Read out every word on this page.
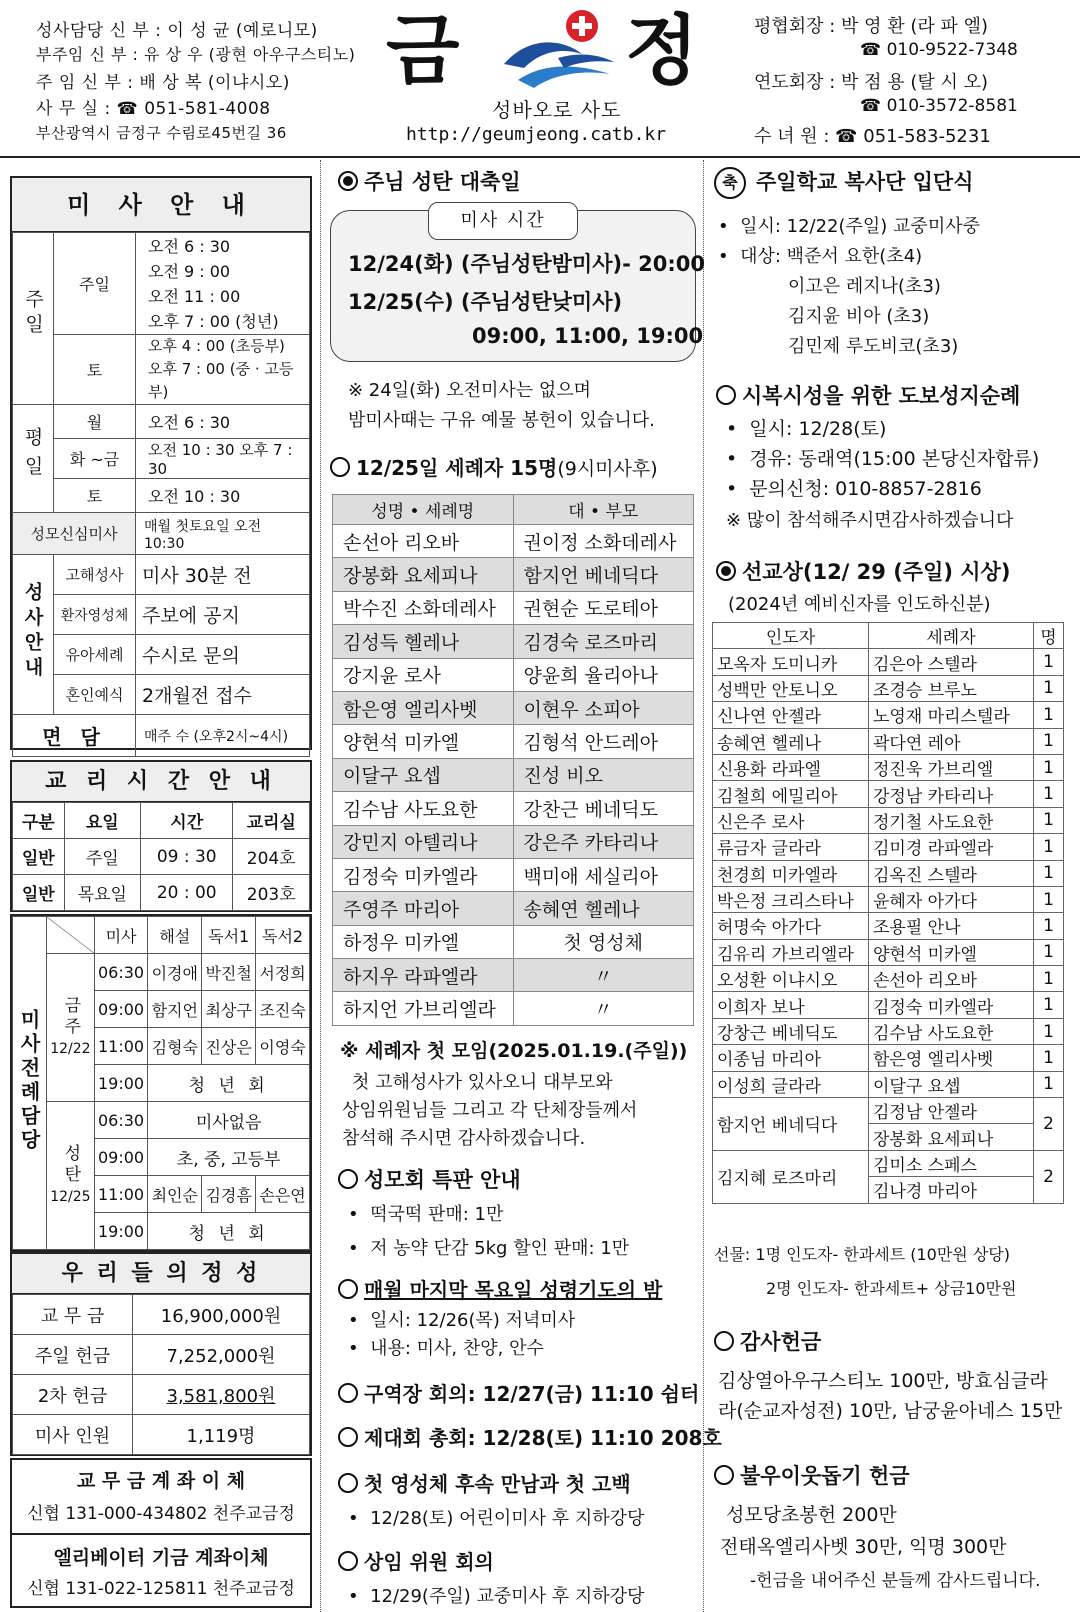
성사담당 신 부 : 이 성 균 (예로니모)
부주임 신 부 : 유 상 우 (광현 아우구스티노)
주 임 신 부 : 배 상 복 (이냐시오)
사 무 실 : ☎ 051-581-4008
부산광역시 금정구 수림로45번길 36
금 정
성바오로 사도
http://geumjeong.catb.kr
평협회장 : 박 영 환 (라 파 엘)
☎ 010-9522-7348
연도회장 : 박 점 용 (탈 시 오)
☎ 010-3572-8581
수 녀 원 : ☎ 051-583-5231
미 사 안 내
주일	주일	오전 6 : 30
오전 9 : 00
오전 11 : 00
오후 7 : 00 (청년)

	토	오후 4 : 00 (초등부)
오후 7 : 00 (중 · 고등부)

평일	월	오전 6 : 30
	화 ~금	오전 10 : 30 오후 7 : 30
	토	오전 10 : 30
성모신심미사		매월 첫토요일 오전 10:30
성사안내	고해성사	미사 30분 전
	환자영성체	주보에 공지
	유아세례	수시로 문의
	혼인예식	2개월전 접수
면 담		매주 수 (오후2시~4시)
교 리 시 간 안 내
구분	요일	시간	교리실
일반	주일	09 : 30	204호
일반	목요일	20 : 00	203호
미사전례담당		미사	해설	독서1	독서2

	금주
12/22	06:30	이경애	박진철	서정희
		09:00	함지언	최상구	조진숙
		11:00	김형숙	진상은	이영숙
		19:00	청 년 회		

	성탄
12/25	06:30	미사없음		
		09:00	초, 중, 고등부		
		11:00	최인순	김경흠	손은연
		19:00	청 년 회		
우 리 들 의 정 성
교 무 금	16,900,000원
주일 헌금	7,252,000원
2차 헌금	3,581,800원
미사 인원	1,119명
교 무 금 계 좌 이 체
신협 131-000-434802 천주교금정
엘리베이터 기금 계좌이체
신협 131-022-125811 천주교금정
주님 성탄 대축일
미사 시간
12/24(화) (주님성탄밤미사)- 20:00
12/25(수) (주님성탄낮미사)
09:00, 11:00, 19:00
※ 24일(화) 오전미사는 없으며
밤미사때는 구유 예물 봉헌이 있습니다.
12/25일 세례자 15명(9시미사후)
성명 • 세례명	대 • 부모
손선아 리오바	권이정 소화데레사
장봉화 요세피나	함지언 베네딕다
박수진 소화데레사	권현순 도로테아
김성득 헬레나	김경숙 로즈마리
강지윤 로사	양윤희 율리아나
함은영 엘리사벳	이현우 소피아
양현석 미카엘	김형석 안드레아
이달구 요셉	진성 비오
김수남 사도요한	강찬근 베네딕도
강민지 아텔리나	강은주 카타리나
김정숙 미카엘라	백미애 세실리아
주영주 마리아	송혜연 헬레나
하정우 미카엘	첫 영성체
하지우 라파엘라	〃
하지언 가브리엘라	〃
※ 세례자 첫 모임(2025.01.19.(주일))
첫 고해성사가 있사오니 대부모와
상임위원님들 그리고 각 단체장들께서
참석해 주시면 감사하겠습니다.
성모회 특판 안내
•  떡국떡 판매: 1만
•  저 농약 단감 5kg 할인 판매: 1만
매월 마지막 목요일 성령기도의 밤
•  일시: 12/26(목) 저녁미사
•  내용: 미사, 찬양, 안수
구역장 회의: 12/27(금) 11:10 쉼터
제대회 총회: 12/28(토) 11:10 208호
첫 영성체 후속 만남과 첫 고백
•  12/28(토) 어린이미사 후 지하강당
상임 위원 회의
•  12/29(주일) 교중미사 후 지하강당
축 주일학교 복사단 입단식
•  일시: 12/22(주일) 교중미사중
•  대상: 백준서 요한(초4)
이고은 레지나(초3)
김지윤 비아 (초3)
김민제 루도비코(초3)
시복시성을 위한 도보성지순례
•  일시: 12/28(토)
•  경유: 동래역(15:00 본당신자합류)
•  문의신청: 010-8857-2816
※ 많이 참석해주시면감사하겠습니다
선교상(12/ 29 (주일) 시상)
(2024년 예비신자를 인도하신분)
인도자	세례자	명
모옥자 도미니카	김은아 스텔라	1
성백만 안토니오	조경승 브루노	1
신나연 안젤라	노영재 마리스텔라	1
송혜연 헬레나	곽다연 레아	1
신용화 라파엘	정진욱 가브리엘	1
김철희 에밀리아	강정남 카타리나	1
신은주 로사	정기철 사도요한	1
류금자 글라라	김미경 라파엘라	1
천경희 미카엘라	김옥진 스텔라	1
박은정 크리스타나	윤혜자 아가다	1
허명숙 아가다	조용필 안나	1
김유리 가브리엘라	양현석 미카엘	1
오성환 이냐시오	손선아 리오바	1
이희자 보나	김정숙 미카엘라	1
강창근 베네딕도	김수남 사도요한	1
이종님 마리아	함은영 엘리사벳	1
이성희 글라라	이달구 요셉	1
함지언 베네딕다	김정남 안젤라	2
	장봉화 요세피나	
김지혜 로즈마리	김미소 스페스	2
	김나경 마리아	
선물: 1명 인도자- 한과세트 (10만원 상당)
2명 인도자- 한과세트+ 상금10만원
감사헌금
김상열아우구스티노 100만, 방효심글라
라(순교자성전) 10만, 남궁윤아네스 15만
불우이웃돕기 헌금
성모당초봉헌 200만
전태옥엘리사벳 30만, 익명 300만
-헌금을 내어주신 분들께 감사드립니다.
